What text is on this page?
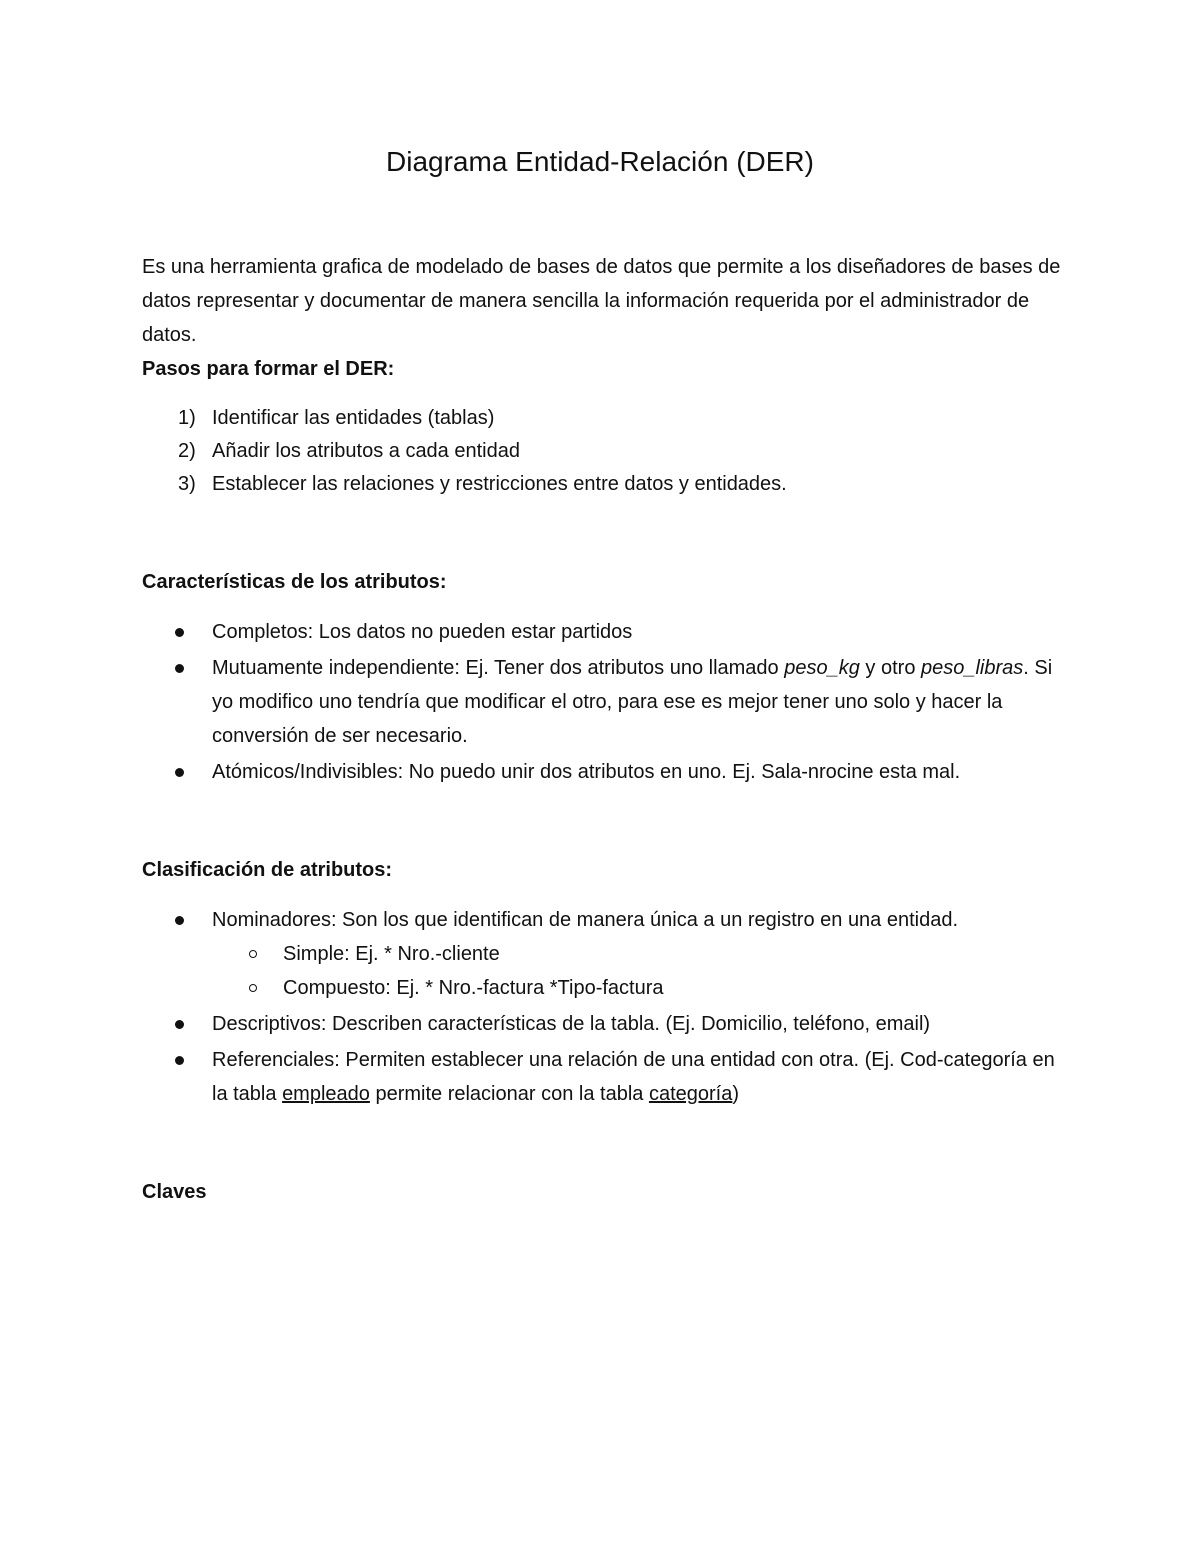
Diagrama Entidad-Relación (DER)

Es una herramienta grafica de modelado de bases de datos que permite a los diseñadores de bases de datos representar y documentar de manera sencilla la información requerida por el administrador de datos.

Pasos para formar el DER:

1) Identificar las entidades (tablas)
2) Añadir los atributos a cada entidad
3) Establecer las relaciones y restricciones entre datos y entidades.

Características de los atributos:

Completos: Los datos no pueden estar partidos
Mutuamente independiente: Ej. Tener dos atributos uno llamado peso_kg y otro peso_libras. Si yo modifico uno tendría que modificar el otro, para ese es mejor tener uno solo y hacer la conversión de ser necesario.
Atómicos/Indivisibles: No puedo unir dos atributos en uno. Ej. Sala-nrocine esta mal.

Clasificación de atributos:

Nominadores: Son los que identifican de manera única a un registro en una entidad.
Simple: Ej. * Nro.-cliente
Compuesto: Ej. * Nro.-factura *Tipo-factura
Descriptivos: Describen características de la tabla. (Ej. Domicilio, teléfono, email)
Referenciales: Permiten establecer una relación de una entidad con otra. (Ej. Cod-categoría en la tabla empleado permite relacionar con la tabla categoría)

Claves
